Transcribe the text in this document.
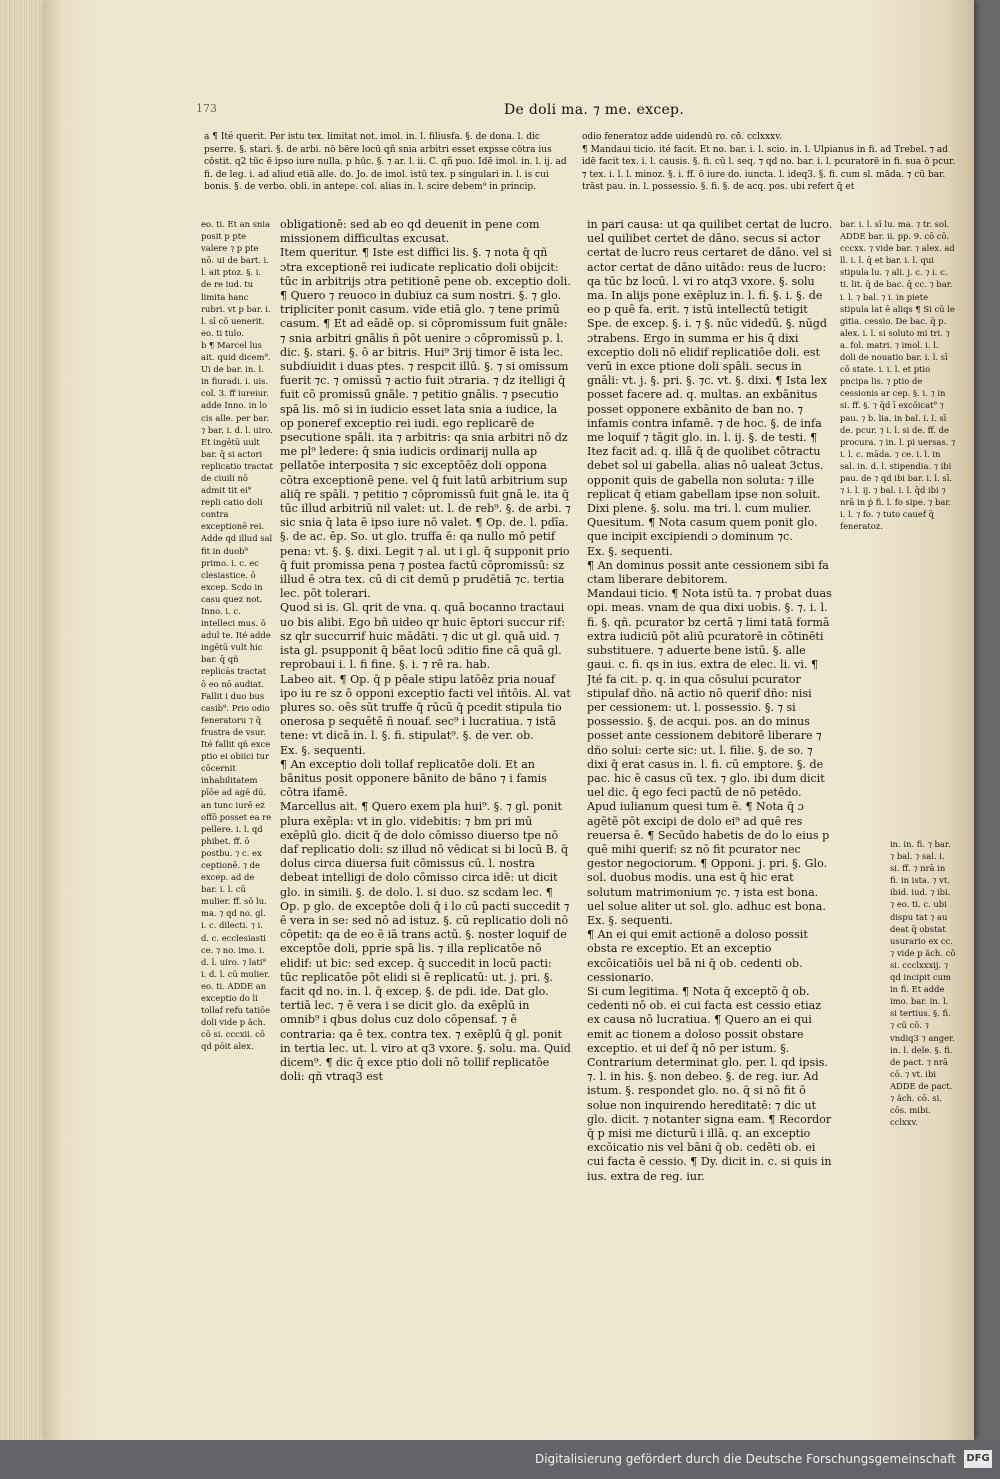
173	De doli ma. ⁊ me. excep.
a ¶ Ité querit. Per istu tex. limitat not. imol. in. l. filiusfa. §. de dona. l. dic pserre. §. stari. §. de arbi. nō bēre locū qñ snia arbitri esset expsse cōtra ius cōstit. q2 tūc ē ipso iure nulla. p hūc. §. ⁊ ar. l. ii. C. qñ puo. Idē imol. in. l. ij. ad fi. de leg. i. ad aliud etiā alle. do. Jo. de imol. istū tex. p singulari in. l. is cui bonis. §. de verbo. obli. in antepe. col. alias in. l. scire debem⁹ in princip.
odio feneratoz adde uidendū ro. cō̄. cclxxxv.
¶ Mandaui ticio. ité facit. Et no. bar. i. l. scio. in. l. Ulpianus in fi. ad Trebel. ⁊ ad idē facit tex. i. l. causis. §. fi. cū l. seq. ⁊ qd no. bar. i. l. pcuratorē in fi. sua ō pcur. ⁊ tex. i. l. l. minoz. §. i. ff. ō iure do. iuncta. l. ideq3. §. fi. cum sl. māda. ⁊ cū bar. trāst pau. in. l. possessio. §. fi. §. de acq. pos. ubi refert q̄ et
eo. ti. Et an snia posit p pte valere ⁊ p pte nō. ui de bart. i. l. ait ptoz. §. i. de re iud. tu limita hanc rubri. vt p bar. i. l. sī cō uenerit. eo. ti tulo.
b ¶ Marcel lus ait. quid dicem⁹. Ui de bar. in. l. in fiuradi. i. uis. col. 3. ff iureiur. adde Inno. in lo cis alle. per bar. ⁊ bar. i. d. l. uiro. Et ingētū uult bar. q̄ si actori replicatio tractat de ciuili nō admit tit ei⁹ repli catio doli contra exceptionē rei. Adde qd illud sal fit in duob⁹ primo. i. c. ec clesiastice. ō excep. Scdo in casu quez not. Inno. i. c. intelleci mus. ō adul te. Ité adde ingētū vult hic bar. q̄ qñ replicās tractat ō eo nō audiat. Fallit i duo bus casib⁹. Prio odio feneratoru ⁊ q̄ frustra de vsur. Ité fallit qñ exce ptio ei obiici tur cōcernit inhabilitatem pīōe ad agē dū. an tunc iurē ez offō posset ea re pellere. i. l. qd phibet. ff. ō postbu. ⁊ c. ex ceptionē. ⁊ de excep. ad de bar. i. l. cū mulier. ff. sō lu. ma. ⁊ qd no. gl. i. c. dilecti. ⁊ i. d. c. ecclesiasti ce. ⁊ no. imo. i. d. l. uiro. ⁊ lati⁹ i. d. l. cū mulier. eo. ti. ADDE an exceptio do li tollaf refu tatiōe doli vide p ãch. cō si. cccxii. cō qd pōit alex.
obligationē: sed ab eo qd deuenit in pene com missionem difficultas excusat.
Item queritur. ¶ Iste est diffici lis. §. ⁊ nota q̄ qñ ɔtra exceptionē rei iudicate replicatio doli obijcit: tūc in arbitrijs ɔtra petitionē pene ob. exceptio doli. ¶ Quero ⁊ reuoco in dubiuz ca sum nostri. §. ⁊ glo. tripliciter ponit casum. vide etiā glo. ⁊ tene primū casum. ¶ Et ad eādē op. si cōpromissum fuit gnāle: ⁊ snia arbitri gnālis ñ pōt uenire ɔ cōpromissū p. l. dic. §. stari. §. ō ar bitris. Hui⁹ 3rij timor ē ista lec. subdiuidit i duas ptes. ⁊ respcit illū. §. ⁊ si omissum fuerit ⁊c. ⁊ omissū ⁊ actio fuit ɔtraria. ⁊ dz itelligi q̄ fuit cō promissū gnāle. ⁊ petitio gnālis. ⁊ psecutio spā lis. mō si in iudicio esset lata snia a iudice, la op poneref exceptio rei iudi. ego replicarē de psecutione spāli. ita ⁊ arbitris: qa snia arbitri nō dz me pl⁹ ledere: q̄ snia iudicis ordinarij nulla ap pellatōe interposita ⁊ sic exceptōēz doli oppona cōtra exceptionē pene. vel q̄ fuit latū arbitrium sup aliq̄ re spāli. ⁊ petitio ⁊ cōpromissū fuit gnā le. ita q̄ tūc illud arbitriū nil valet: ut. l. de reb⁹. §. de arbi. ⁊ sic snia q̄ lata ē ipso iure nō valet. ¶ Op. de. l. pdīa. §. de ac. ēp. So. ut glo. truffa ē: qa nullo mō petif pena: vt. §. §. dixi. Legit ⁊ al. ut i gl. q̄ supponit prio q̄ fuit promissa pena ⁊ postea factū cōpromissū: sz illud ē ɔtra tex. cū di cit demū p prudētiā ⁊c. tertia lec. pōt tolerari.
Quod si is. Gl. qrit de vna. q. quā bocanno tractaui uo bis alibi. Ego bñ uideo qr huic ēptori succur rif: sz qlr succurrif huic mādāti. ⁊ dic ut gl. quā uid. ⁊ ista gl. psupponit q̄ bēat locū ɔditio fine cā quā gl. reprobaui i. l. fi fine. §. i. ⁊ rē ra. hab.
Labeo ait. ¶ Op. q̄ p pēale stipu latōēz pria nouaf ipo iu re sz ō opponi exceptio facti vel iñtōis. Al. vat plures so. oēs sūt truffe q̄ rūcū q̄ pcedit stipula tio onerosa p sequētē ñ nouaf. sec⁹ i lucratiua. ⁊ istā tene: vt dicā in. l. §. fi. stipulat⁹. §. de ver. ob.
Ex. §. sequenti.
¶ An exceptio doli tollaf replicatōe doli. Et an bānitus posit opponere bānito de bāno ⁊ i famis cōtra ifamē.
Marcellus ait. ¶ Quero exem pla hui⁹. §. ⁊ gl. ponit plura exēpla: vt in glo. videbitis: ⁊ bm pri mū exēplū glo. dicit q̄ de dolo cōmisso diuerso tpe nō daf replicatio doli: sz illud nō vēdicat si bi locū B. q̄ dolus circa diuersa fuit cōmissus cū. l. nostra debeat intelligi de dolo cōmisso circa idē: ut dicit glo. in simili. §. de dolo. l. si duo. sz scdam lec. ¶ Op. p glo. de exceptōe doli q̄ i lo cū pacti succedit ⁊ ē vera in se: sed nō ad istuz. §. cū replicatio doli nō cōpetit: qa de eo ē iā trans actū. §. noster loquif de exceptōe doli, pprie spā lis. ⁊ illa replicatōe nō elidif: ut bic: sed excep. q̄ succedit in locū pacti: tūc replicatōe pōt elidi si ē replicatū: ut. j. pri. §. facit qd no. in. l. q̄ excep. §. de pdi. ide. Dat glo. tertiā lec. ⁊ ē vera i se dicit glo. da exēplū in omnib⁹ i qbus dolus cuz dolo cōpensaf. ⁊ ē contraria: qa ē tex. contra tex. ⁊ exēplū q̄ gl. ponit in tertia lec. ut. l. viro at q3 vxore. §. solu. ma. Quid dicem⁹. ¶ dic q̄ exce ptio doli nō tollif replicatōe doli: qñ vtraq3 est
in pari causa: ut qa quilibet certat de lucro. uel quilibet certet de dāno. secus si actor certat de lucro reus certaret de dāno. vel si actor certat de dāno uitādo: reus de lucro: qa tūc bz locū. l. vi ro atq3 vxore. §. solu ma. In alijs pone exēpluz in. l. fi. §. i. §. de eo p quē fa. erit. ⁊ istū intellectū tetigit Spe. de excep. §. i. ⁊ §. nūc videdū. §. nūgd ɔtrabens. Ergo in summa er his q̄ dixi exceptio doli nō elidif replicatiōe doli. est verū in exce ptione doli spāli. secus in gnāli: vt. j. §. pri. §. ⁊c. vt. §. dixi. ¶ Ista lex posset facere ad. q. multas. an exbānitus posset opponere exbānito de ban no. ⁊ infamis contra infamē. ⁊ de hoc. §. de infa me loquif ⁊ tāgit glo. in. l. ij. §. de testi. ¶ Itez facit ad. q. illā q̄ de quolibet cōtractu debet sol ui gabella. alias nō ualeat 3ctus. opponit quis de gabella non soluta: ⁊ ille replicat q̄ etiam gabellam ipse non soluit. Dixi plene. §. solu. ma tri. l. cum mulier.
Quesitum. ¶ Nota casum quem ponit glo. que incipit excipiendi ɔ dominum ⁊c.
Ex. §. sequenti.
¶ An dominus possit ante cessionem sibi fa ctam liberare debitorem.
Mandaui ticio. ¶ Nota istū ta. ⁊ probat duas opi. meas. vnam de qua dixi uobis. §. ⁊. i. l. fi. §. qñ. pcurator bz certā ⁊ limi tatā formā extra iudiciū pōt aliū pcuratorē in cōtinēti substituere. ⁊ aduerte bene istū. §. alle gaui. c. fi. qs in ius. extra de elec. li. vi. ¶ Jté fa cit. p. q. in qua cōsului pcurator stipulaf dño. nā actio nō querif dño: nisi per cessionem: ut. l. possessio. §. ⁊ si possessio. §. de acqui. pos. an do minus posset ante cessionem debitorē liberare ⁊ dño solui: certe sic: ut. l. filie. §. de so. ⁊ dixi q̄ erat casus in. l. fi. cū emptore. §. de pac. hic ē casus cū tex. ⁊ glo. ibi dum dicit uel dic. q̄ ego feci pactū de nō petēdo.
Apud iulianum quesi tum ē. ¶ Nota q̄ ɔ agētē pōt excipi de dolo ei⁹ ad quē res reuersa ē. ¶ Secūdo habetis de do lo eius p quē mihi querif: sz nō fit pcurator nec gestor negociorum. ¶ Opponi. j. pri. §. Glo. sol. duobus modis. una est q̄ hic erat solutum matrimonium ⁊c. ⁊ ista est bona. uel solue aliter ut sol. glo. adhuc est bona.
Ex. §. sequenti.
¶ An ei qui emit actionē a doloso possit obsta re exceptio. Et an exceptio excōicatiōis uel bā ni q̄ ob. cedenti ob. cessionario.
Si cum legitima. ¶ Nota q̄ exceptō q̄ ob. cedenti nō ob. ei cui facta est cessio etiaz ex causa nō lucratiua. ¶ Quero an ei qui emit ac tionem a doloso possit obstare exceptio. et ui def q̄ nō per istum. §. Contrarium determinat glo. per. l. qd ipsis. ⁊. l. in his. §. non debeo. §. de reg. iur. Ad istum. §. respondet glo. no. q̄ si nō fit ō solue non inquirendo hereditatē: ⁊ dic ut glo. dicit. ⁊ notanter signa eam. ¶ Recordor q̄ p misi me dicturū i illā. q. an exceptio excōicatio nis vel bāni q̄ ob. cedēti ob. ei cui facta ē cessio. ¶ Dy. dicit in. c. si quis in ius. extra de reg. iur.
bar. i. l. sī lu. ma. ⁊ tr. sol. ADDE bar. ii. pp. 9. cō cō. cccxx. ⁊ vide bar. ⁊ alex. ad ll. i. l. q̄ et bar. i. l. qui stipula lu. ⁊ ali. j. c. ⁊ i. c. ti. lit. q̄ de bac. q̄ cc. ⁊ bar. i. l. ⁊ bal. ⁊ i. in piete stipula lat ē aliqs ¶ Si cū le gitia. cessio. De bac. q̄ p. alex. i. l. si soluto mi tri. ⁊ a. fol. matri. ⁊ imol. i. l. doli de nouatio bar. i. l. sī cō state. i. i. l. et ptio pncipa lis. ⁊ ptio de cessionis ar cep. §. i. ⁊ in si. ff. §. ⁊ q̄d ī excōicat⁹ ⁊ pau. ⁊ b. lia. in bal. i. l. sī de. pcur. ⁊ i. l. si de. ff. de procura. ⁊ in. l. pi uersas. ⁊ i. l. c. māda. ⁊ ce. i. l. in sal. in. d. l. stipendia. ⁊ ibi pau. de ⁊ qd ibi bar. i. l. sī. ⁊ i. l. ij. ⁊ bal. i. l. q̄d ibi ⁊ nrā in ṗ fi. l. fo sipe. ⁊ bar. i. l. ⁊ fo. ⁊ tuto cauef q̄ feneratoz.
in. in. fi. ⁊ bar. ⁊ bal. ⁊ sal. i. si. ff. ⁊ nrā in fi. in ista. ⁊ vt. ibid. iud. ⁊ ibi. ⁊ eo. ti. c. ubi dispu tat ⁊ au deat q̄ obstat usurario ex cc. ⁊ vide p ãch. cō si. ccclxxxij. ⁊ qd incipit cum in fi. Et adde imo. bar. in. l. si tertius. §. fi. ⁊ cū cō. ⁊ vndiq3 ⁊ anger. in. l. dele. §. fi. de pact. ⁊ nrā cō. ⁊ vt. ibi ADDE de pact. ⁊ ãch. cō. si. cōs. mibi. cclxxv.
Digitalisierung gefördert durch die Deutsche Forschungsgemeinschaft DFG
